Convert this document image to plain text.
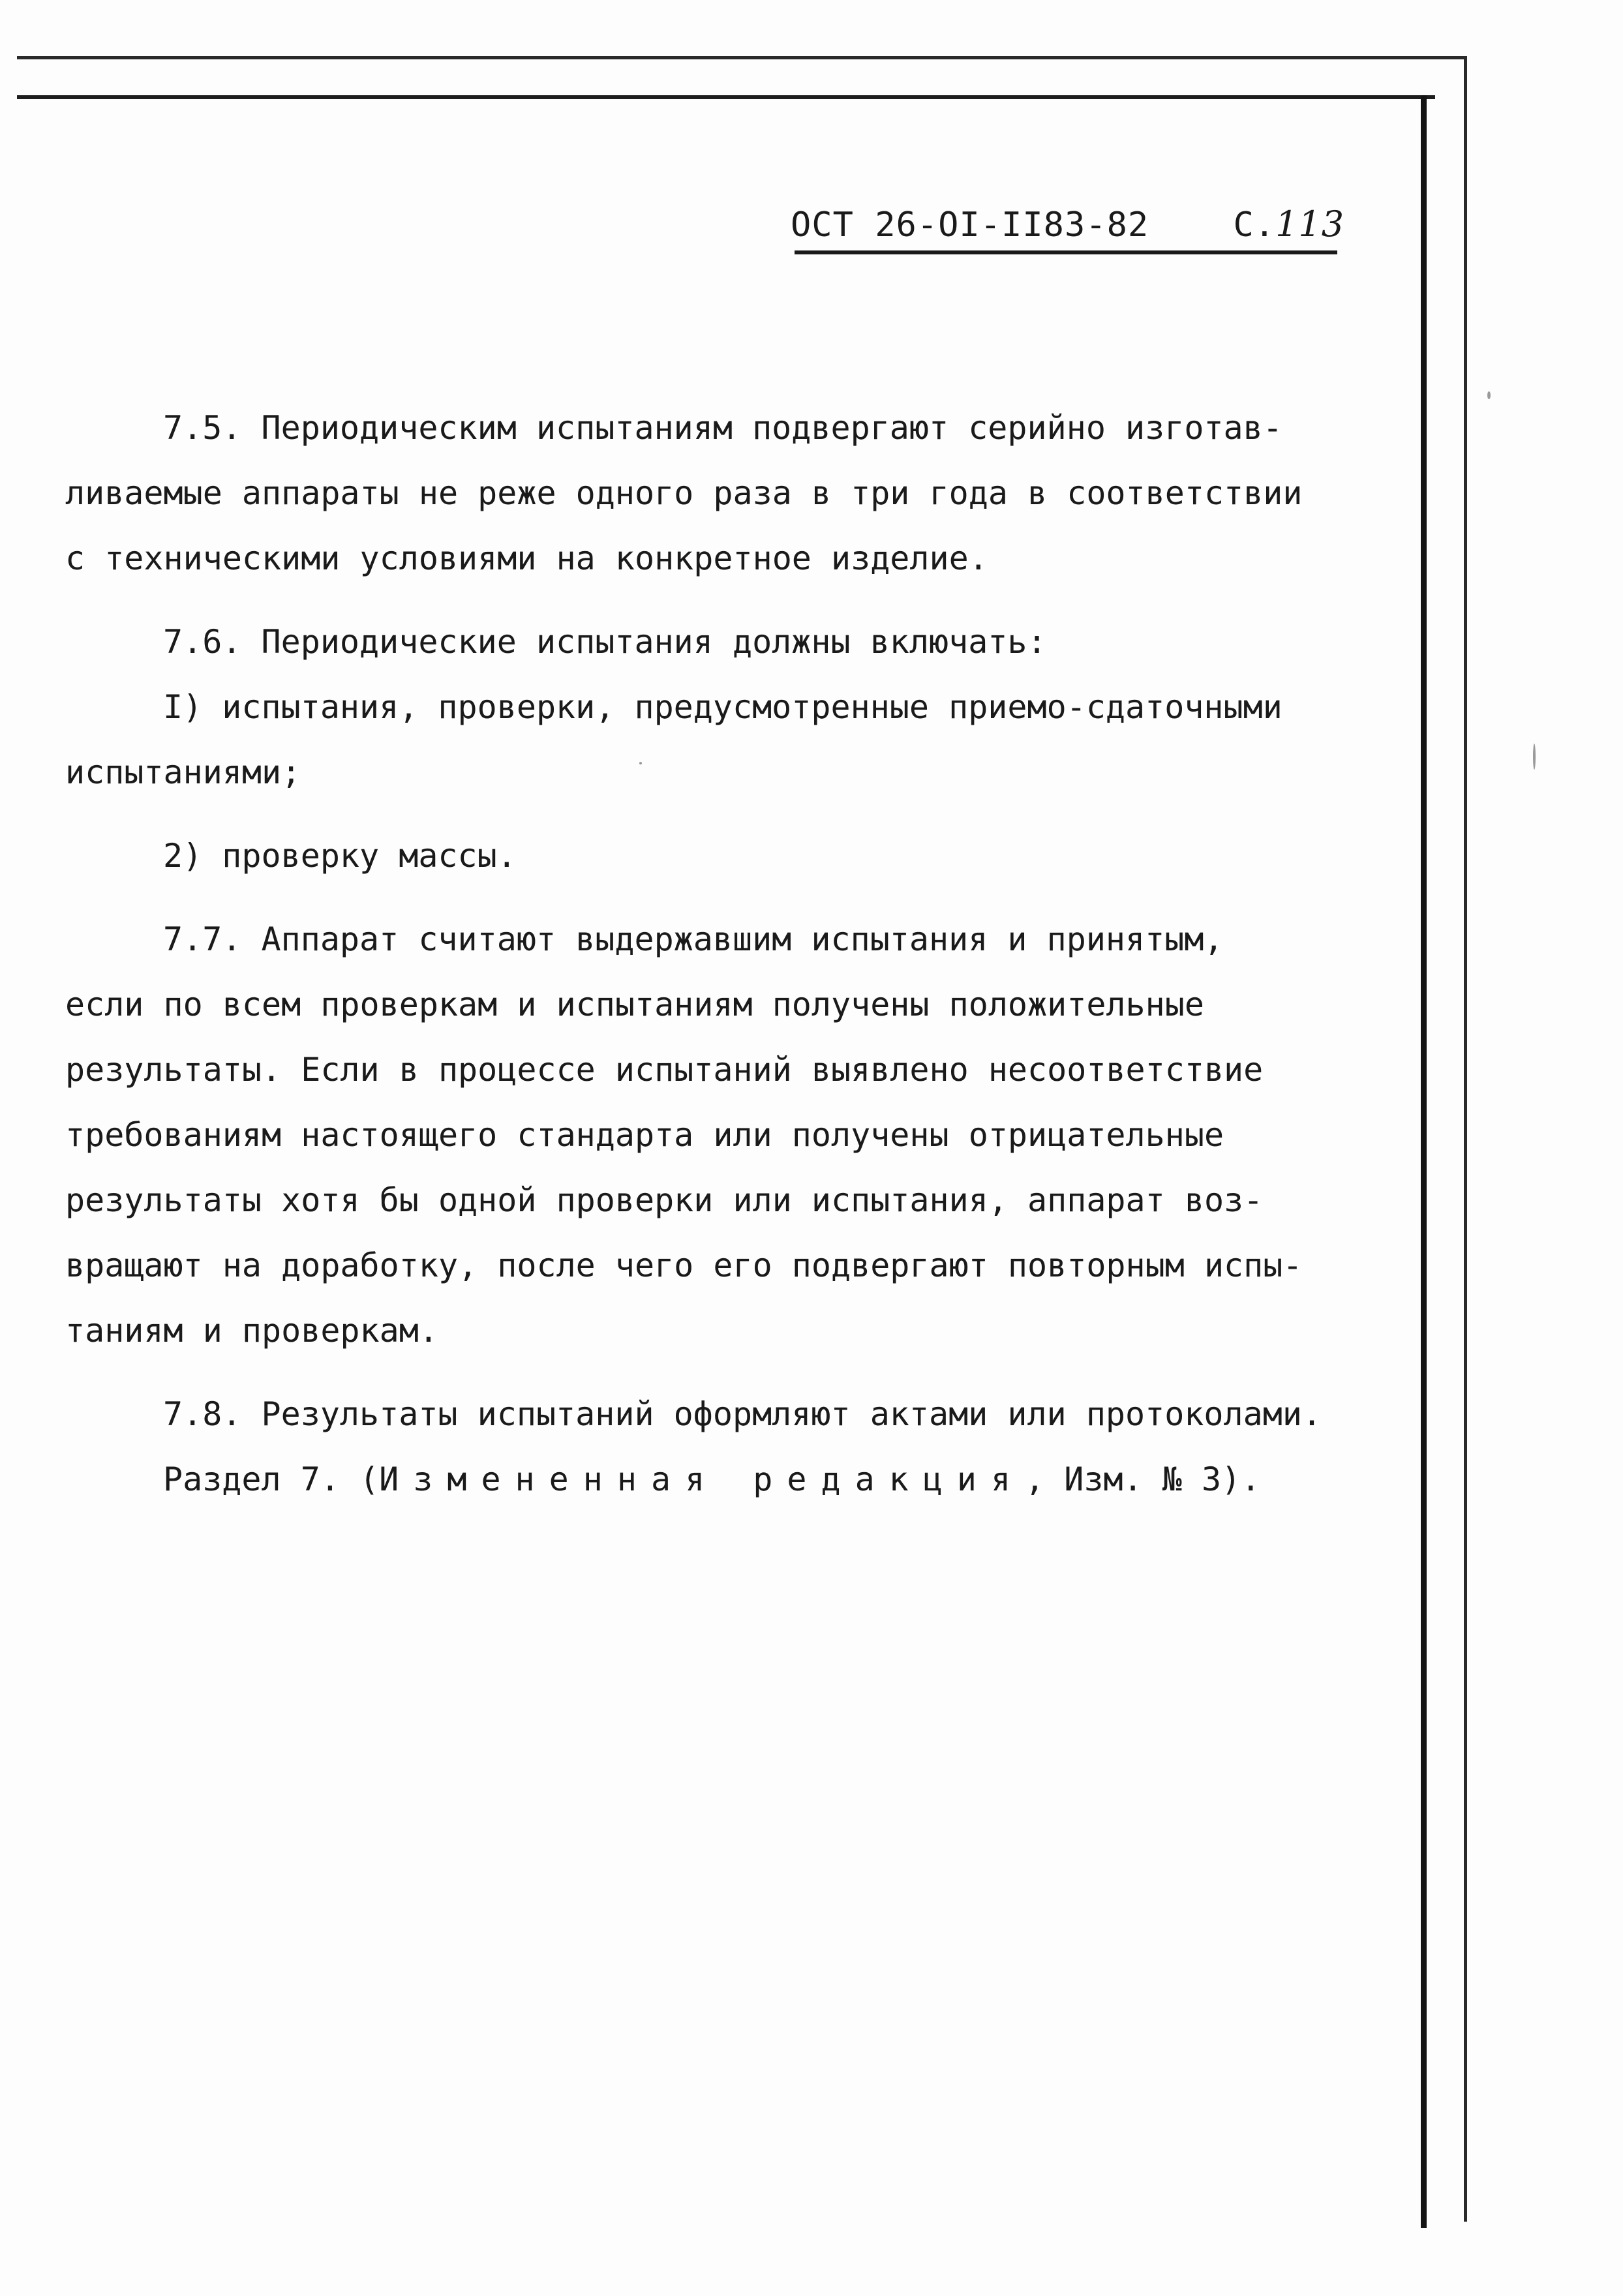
ОСТ 26-OI-II83-82 С.113
7.5. Периодическим испытаниям подвергают серийно изготав-
ливаемые аппараты не реже одного раза в три года в соответствии
с техническими условиями на конкретное изделие.
7.6. Периодические испытания должны включать:
I) испытания, проверки, предусмотренные приемо-сдаточными
испытаниями;
2) проверку массы.
7.7. Аппарат считают выдержавшим испытания и принятым,
если по всем проверкам и испытаниям получены положительные
результаты. Если в процессе испытаний выявлено несоответствие
требованиям настоящего стандарта или получены отрицательные
результаты хотя бы одной проверки или испытания, аппарат воз-
вращают на доработку, после чего его подвергают повторным испы-
таниям и проверкам.
7.8. Результаты испытаний оформляют актами или протоколами.
Раздел 7. (Измененная редакция, Изм. № 3).
